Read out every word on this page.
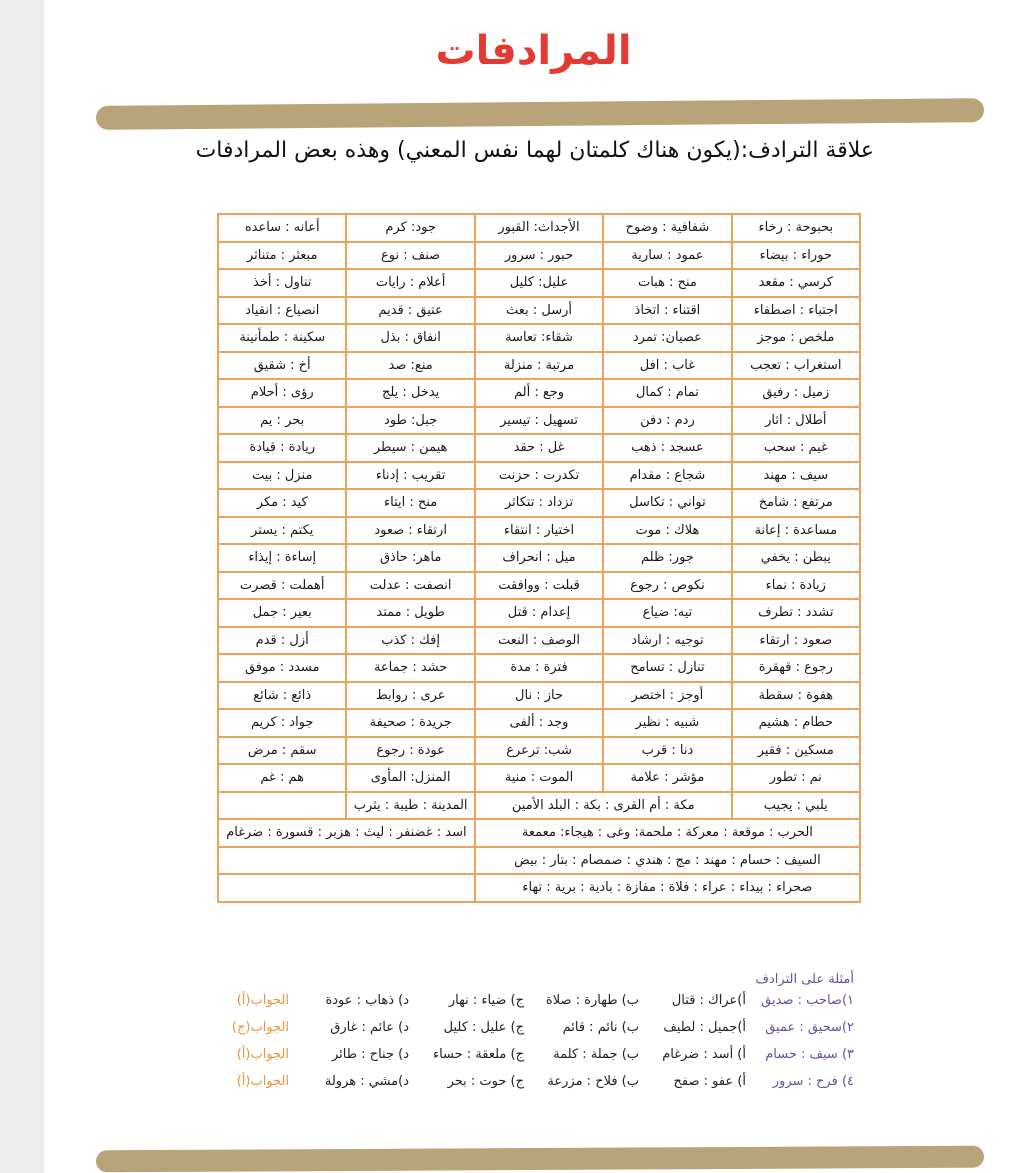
المرادفات
علاقة الترادف:(يكون هناك كلمتان لهما نفس المعني) وهذه بعض المرادفات
بحبوحة : رخاء	شفافية : وضوح	الأجداث: القبور	جود: كرم	أعانه : ساعده
حوراء : بيضاء	عمود : سارية	حبور : سرور	صنف : نوع	مبعثر : متناثر
كرسي : مقعد	منح : هبات	عليل: كليل	أعلام : رايات	تناول : أخذ
اجتباء : اصطفاء	اقتناء : اتخاذ	أرسل : بعث	عتيق : قديم	انصياع : انقياد
ملخص : موجز	عصيان: تمرد	شقاء: تعاسة	انفاق : بذل	سكينة : طمأنينة
استغراب : تعجب	غاب : افل	مرتبة : منزلة	منع: صد	أخ : شقيق
زميل : رفيق	تمام : كمال	وجع : ألم	يدخل : يلج	رؤى : أحلام
أطلال : اثار	ردم : دفن	تسهيل : تيسير	جبل: طود	بحر : يم
غيم : سحب	عسجد : ذهب	غل : حقد	هيمن : سيطر	ريادة : قيادة
سيف : مهند	شجاع : مقدام	تكدرت : حزنت	تقريب : إدناء	منزل : بيت
مرتفع : شامخ	تواني : تكاسل	تزداد : تتكاثر	منح : ايتاء	كيد : مكر
مساعدة : إعانة	هلاك : موت	اختيار : انتقاء	ارتقاء : صعود	يكتم : يستر
يبطن : يخفي	جور: ظلم	ميل : انحراف	ماهر: حاذق	إساءة : إيذاء
زيادة : نماء	نكوص : رجوع	قبلت : ووافقت	انصفت : عدلت	أهملت : قصرت
تشدد : تطرف	تيه: ضياع	إعدام : قتل	طويل : ممتد	بعير : جمل
صعود : ارتقاء	توجيه : ارشاد	الوصف : النعت	إفك : كذب	أزل : قدم
رجوع : قهقرة	تنازل : تسامح	فترة : مدة	حشد : جماعة	مسدد : موفق
هفوة : سقطة	أوجز : اختصر	حاز : نال	عرى : روابط	ذائع : شائع
حطام : هشيم	شبيه : نظير	وجد : ألفى	جريدة : صحيفة	جواد : كريم
مسكين : فقير	دنا : قرب	شب: ترعرع	عودة : رجوع	سقم : مرض
نم : تطور	مؤشر : علامة	الموت : منية	المنزل: المأوى	هم : غم
يلبي : يجيب	مكة : أم القرى : بكة : البلد الأمين		المدينة : طيبة : يثرب	
الحرب : موقعة : معركة : ملحمة: وغى : هيجاء: معمعة			اسد : غضنفر : ليث : هزبر : قسورة : ضرغام	
السيف : حسام : مهند : مج : هندي : صمصام : بتار : بيض				
صحراء : بيداء : عراء : فلاة : مفازة : بادية : برية : تهاء				
أمثلة على الترادف
١)صاحب : صديق
أ)عراك : قتال
ب) طهارة : صلاة
ج) ضياء : نهار
د) ذهاب : عودة
الجواب(أ)
٢)سحيق : عميق
أ)جميل : لطيف
ب) نائم : قائم
ج) عليل : كليل
د) عائم : غارق
الجواب(ج)
٣) سيف : حسام
أ) أسد : ضرغام
ب) جملة : كلمة
ج) ملعقة : حساء
د) جناح : طائر
الجواب(أ)
٤) فرح : سرور
أ) عفو : صفح
ب) فلاح : مزرعة
ج) حوت : بحر
د)مشي : هرولة
الجواب(أ)
